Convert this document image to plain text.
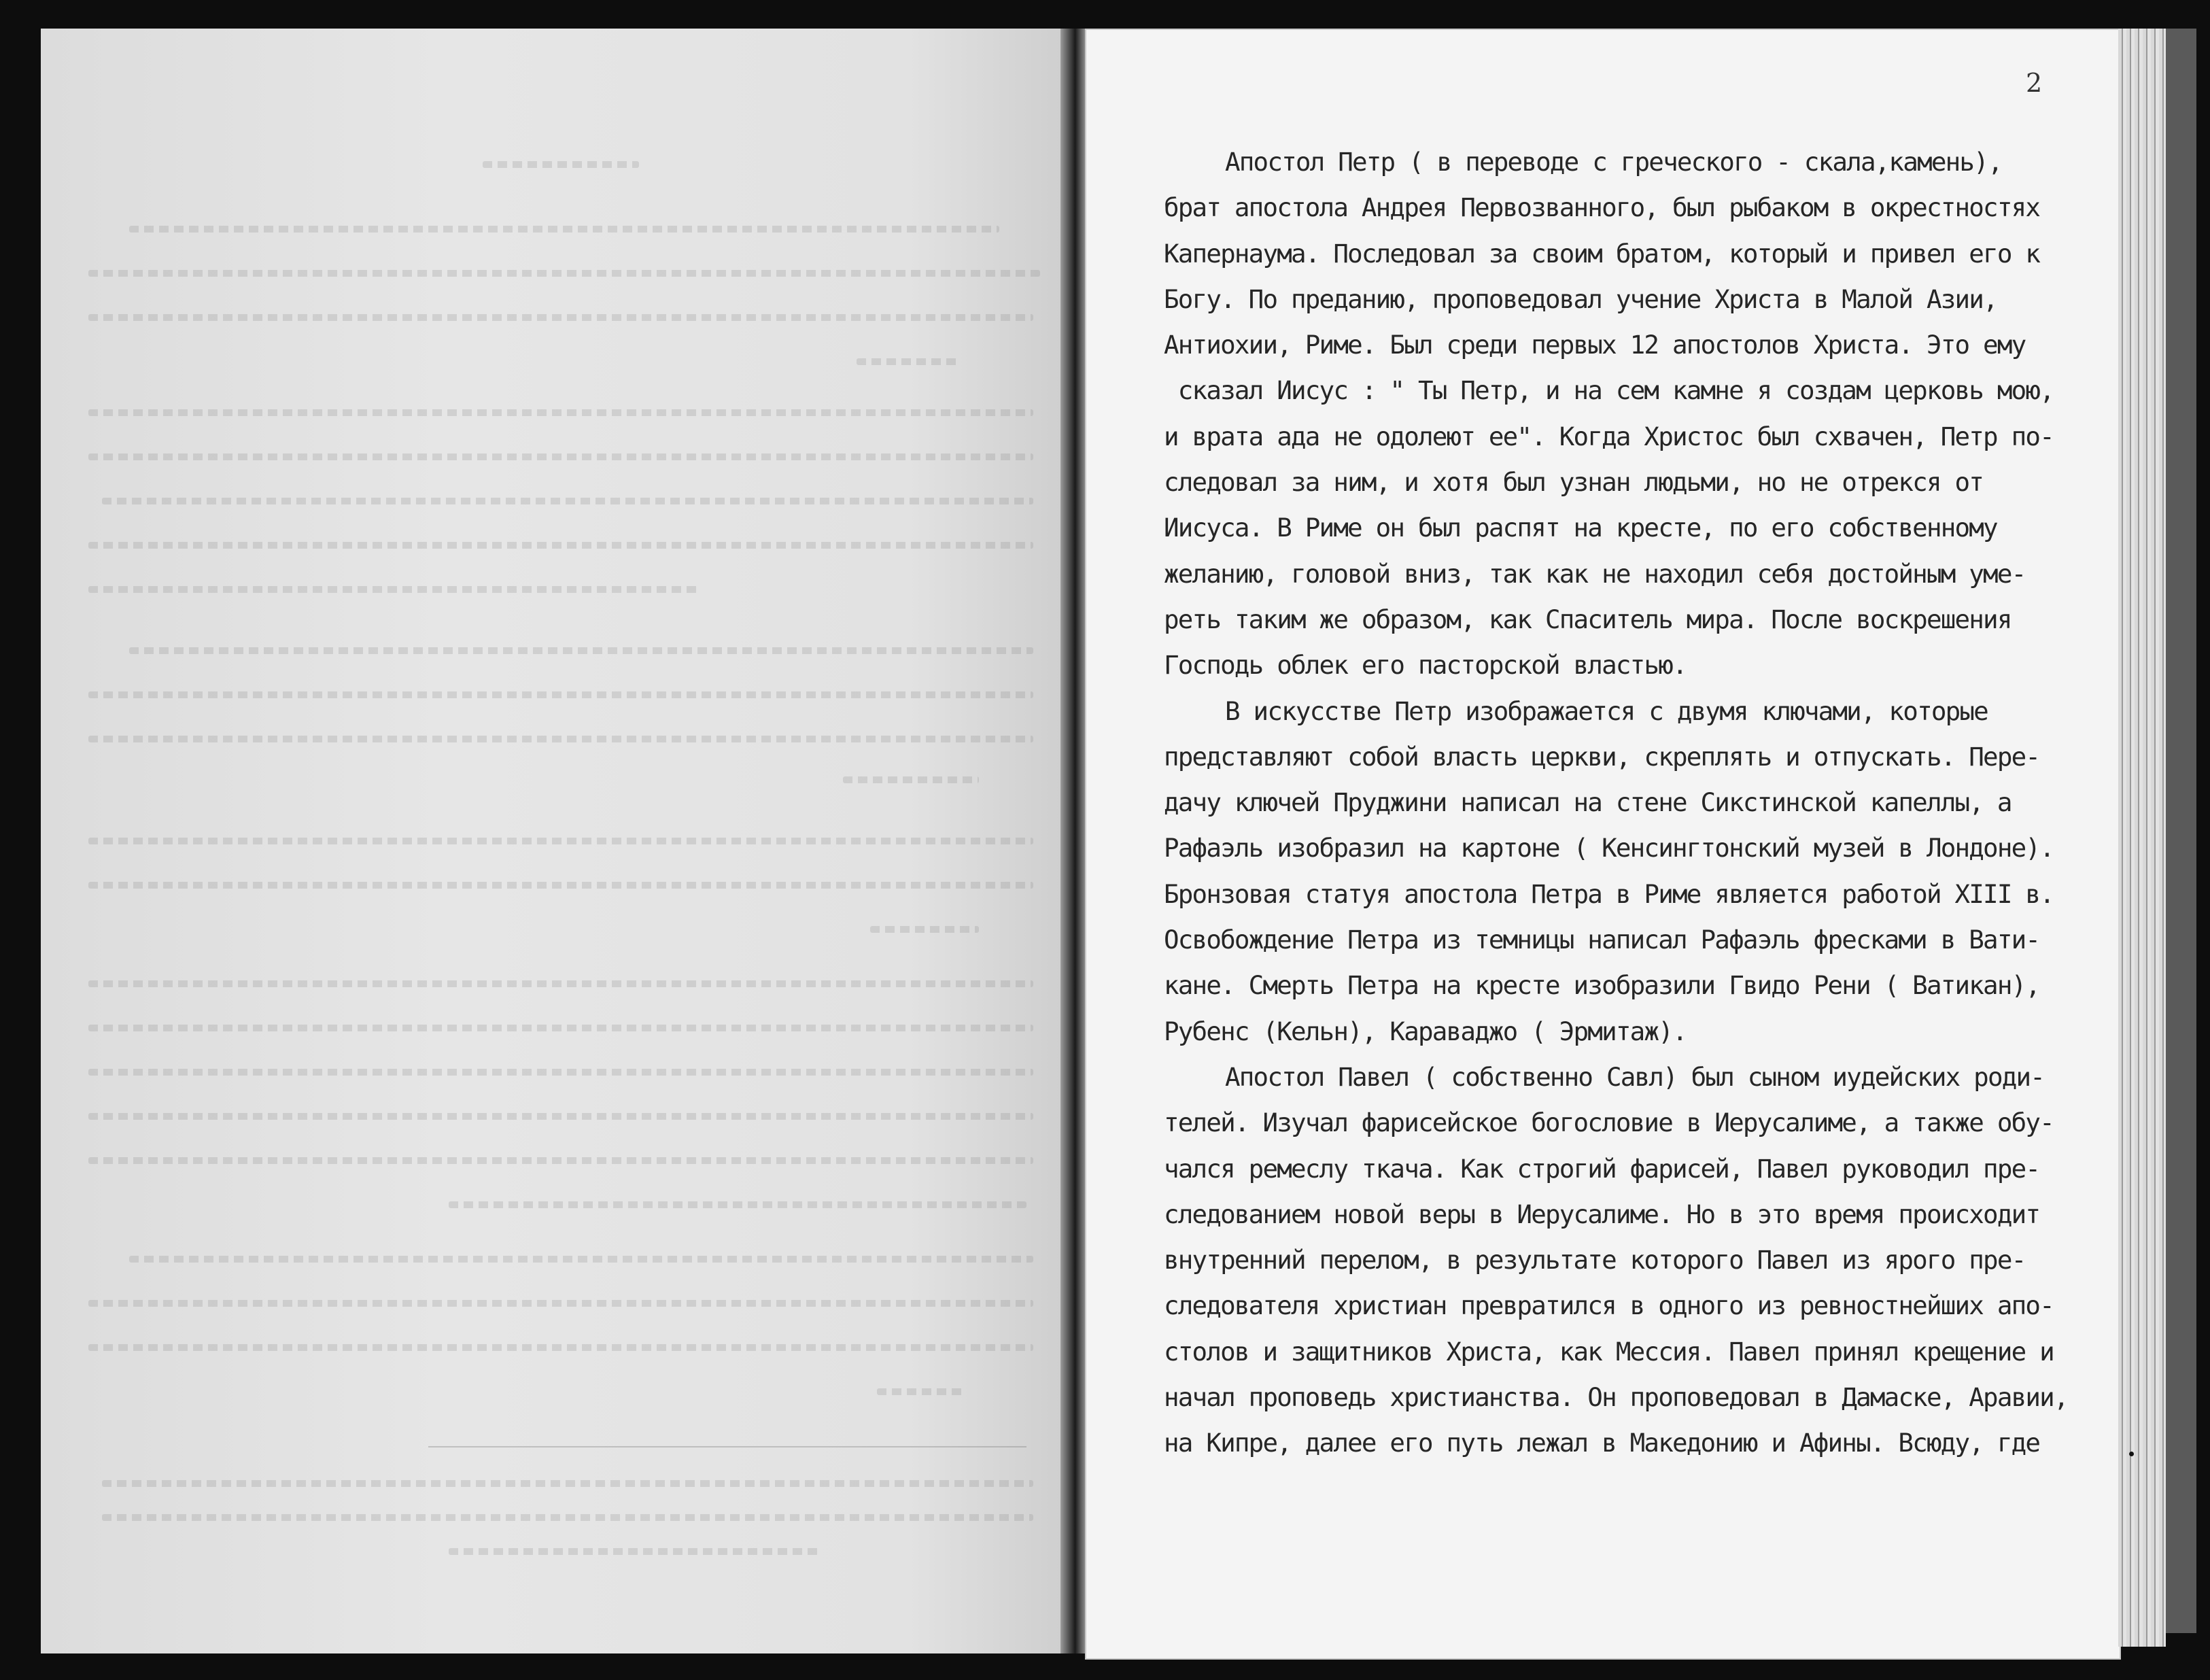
2
Апостол Петр ( в переводе с греческого - скала,камень),
брат апостола Андрея Первозванного, был рыбаком в окрестностях
Капернаума. Последовал за своим братом, который и привел его к
Богу. По преданию, проповедовал учение Христа в Малой Азии,
Антиохии, Риме. Был среди первых 12 апостолов Христа. Это ему
сказал Иисус : " Ты Петр, и на сем камне я создам церковь мою,
и врата ада не одолеют ее". Когда Христос был схвачен, Петр по-
следовал за ним, и хотя был узнан людьми, но не отрекся от
Иисуса. В Риме он был распят на кресте, по его собственному
желанию, головой вниз, так как не находил себя достойным уме-
реть таким же образом, как Спаситель мира. После воскрешения
Господь облек его пасторской властью.
В искусстве Петр изображается с двумя ключами, которые
представляют собой власть церкви, скреплять и отпускать. Пере-
дачу ключей Пруджини написал на стене Сикстинской капеллы, а
Рафаэль изобразил на картоне ( Кенсингтонский музей в Лондоне).
Бронзовая статуя апостола Петра в Риме является работой XIII в.
Освобождение Петра из темницы написал Рафаэль фресками в Вати-
кане. Смерть Петра на кресте изобразили Гвидо Рени ( Ватикан),
Рубенс (Кельн), Караваджо ( Эрмитаж).
Апостол Павел ( собственно Савл) был сыном иудейских роди-
телей. Изучал фарисейское богословие в Иерусалиме, а также обу-
чался ремеслу ткача. Как строгий фарисей, Павел руководил пре-
следованием новой веры в Иерусалиме. Но в это время происходит
внутренний перелом, в результате которого Павел из ярого пре-
следователя христиан превратился в одного из ревностнейших апо-
столов и защитников Христа, как Мессия. Павел принял крещение и
начал проповедь христианства. Он проповедовал в Дамаске, Аравии,
на Кипре, далее его путь лежал в Македонию и Афины. Всюду, где
